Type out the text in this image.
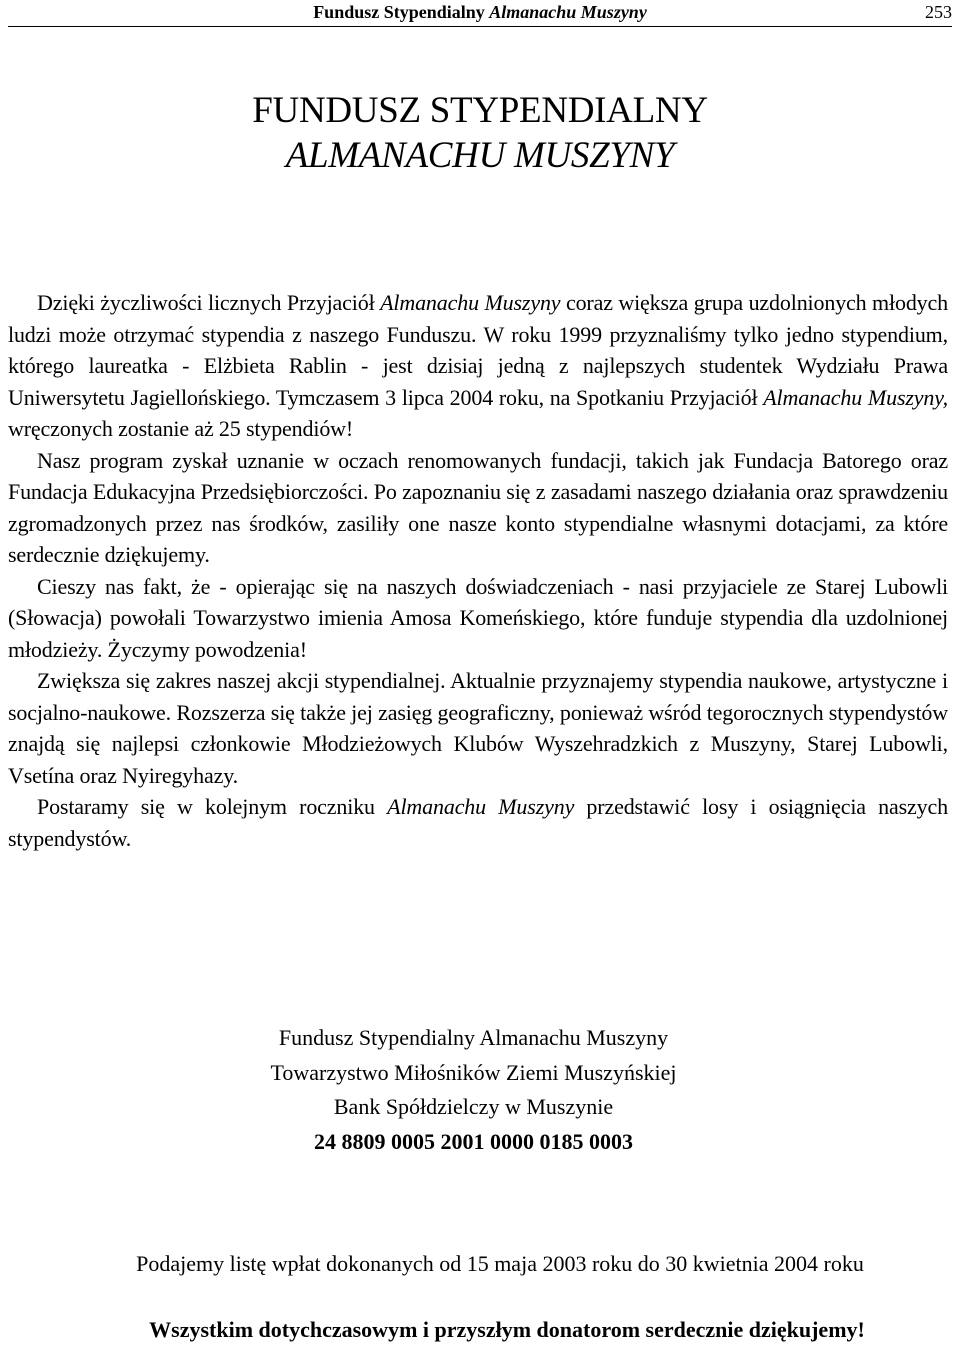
Fundusz Stypendialny Almanachu Muszyny	253
FUNDUSZ STYPENDIALNY
ALMANACHU MUSZYNY

Dzięki życzliwości licznych Przyjaciół Almanachu Muszyny coraz większa grupa uzdolnionych młodych ludzi może otrzymać stypendia z naszego Funduszu. W roku 1999 przyznaliśmy tylko jedno stypendium, którego laureatka - Elżbieta Rablin - jest dzisiaj jedną z najlepszych studentek Wydziału Prawa Uniwersytetu Jagiellońskiego. Tymczasem 3 lipca 2004 roku, na Spotkaniu Przyjaciół Almanachu Muszyny, wręczonych zostanie aż 25 stypendiów!

Nasz program zyskał uznanie w oczach renomowanych fundacji, takich jak Fundacja Batorego oraz Fundacja Edukacyjna Przedsiębiorczości. Po zapoznaniu się z zasadami naszego działania oraz sprawdzeniu zgromadzonych przez nas środków, zasiliły one nasze konto stypendialne własnymi dotacjami, za które serdecznie dziękujemy.

Cieszy nas fakt, że - opierając się na naszych doświadczeniach - nasi przyjaciele ze Starej Lubowli (Słowacja) powołali Towarzystwo imienia Amosa Komeńskiego, które funduje stypendia dla uzdolnionej młodzieży. Życzymy powodzenia!

Zwiększa się zakres naszej akcji stypendialnej. Aktualnie przyznajemy stypendia naukowe, artystyczne i socjalno-naukowe. Rozszerza się także jej zasięg geograficzny, ponieważ wśród tegorocznych stypendystów znajdą się najlepsi członkowie Młodzieżowych Klubów Wyszehradzkich z Muszyny, Starej Lubowli, Vsetína oraz Nyiregyhazy.

Postaramy się w kolejnym roczniku Almanachu Muszyny przedstawić losy i osiągnięcia naszych stypendystów.

Fundusz Stypendialny Almanachu Muszyny
Towarzystwo Miłośników Ziemi Muszyńskiej
Bank Spółdzielczy w Muszynie
24 8809 0005 2001 0000 0185 0003
Podajemy listę wpłat dokonanych od 15 maja 2003 roku do 30 kwietnia 2004 roku
Wszystkim dotychczasowym i przyszłym donatorom serdecznie dziękujemy!
